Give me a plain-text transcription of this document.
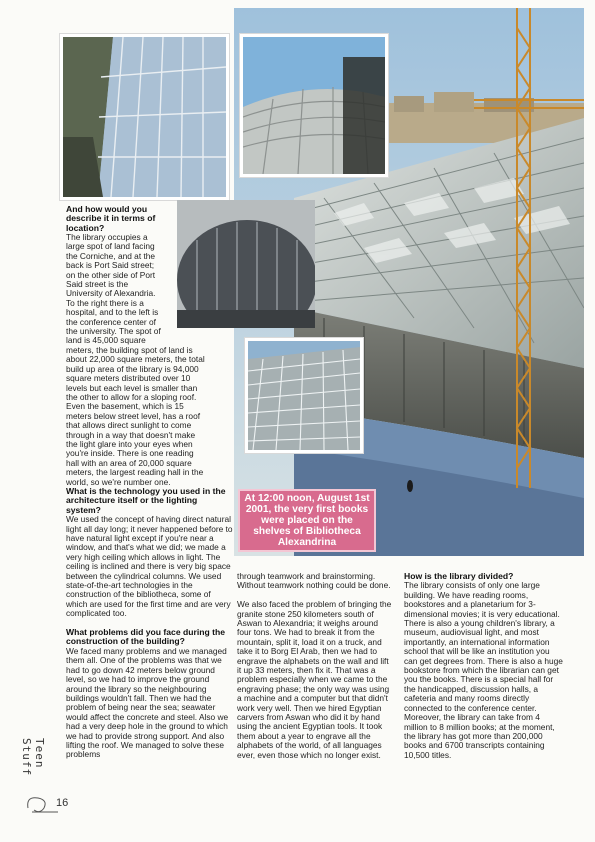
At 12:00 noon, August 1st 2001, the very first books were placed on the shelves of Bibliotheca Alexandrina
And how would you describe it in terms of location?
The library occupies a
large spot of land facing
the Corniche, and at the
back is Port Said street;
on the other side of Port
Said street is the
University of Alexandria.
To the right there is a
hospital, and to the left is
the conference center of
the university. The spot of
land is 45,000 square
meters, the building spot of land is
about 22,000 square meters, the total
build up area of the library is 94,000
square meters distributed over 10
levels but each level is smaller than
the other to allow for a sloping roof.
Even the basement, which is 15
meters below street level, has a roof
that allows direct sunlight to come
through in a way that doesn't make
the light glare into your eyes when
you're inside. There is one reading
hall with an area of 20,000 square
meters, the largest reading hall in the
world, so we're number one.
What is the technology you used in the architecture itself or the lighting system?

We used the concept of having direct natural light all day long; it never happened before to have natural light except if you're near a window, and that's what we did; we made a very high ceiling which allows in light. The ceiling is inclined and there is very big space between the cylindrical columns. We used state-of-the-art technologies in the construction of the bibliotheca, some of which are used for the first time and are very complicated too.

What problems did you face during the construction of the building?

We faced many problems and we managed them all. One of the problems was that we had to go down 42 meters below ground level, so we had to improve the ground around the library so the neighbouring buildings wouldn't fall. Then we had the problem of being near the sea; seawater would affect the concrete and steel. Also we had a very deep hole in the ground to which we had to provide strong support. And also lifting the roof. We managed to solve these problems

through teamwork and brainstorming. Without teamwork nothing could be done.

We also faced the problem of bringing the granite stone 250 kilometers south of Aswan to Alexandria; it weighs around four tons. We had to break it from the mountain, split it, load it on a truck, and take it to Borg El Arab, then we had to engrave the alphabets on the wall and lift it up 33 meters, then fix it. That was a problem especially when we came to the engraving phase; the only way was using a machine and a computer but that didn't work very well. Then we hired Egyptian carvers from Aswan who did it by hand using the ancient Egyptian tools. It took them about a year to engrave all the alphabets of the world, of all languages ever, even those which no longer exist.

How is the library divided?

The library consists of only one large building. We have reading rooms, bookstores and a planetarium for 3-dimensional movies; it is very educational. There is also a young children's library, a museum, audiovisual light, and most importantly, an international information school that will be like an institution you can get degrees from. There is also a huge bookstore from which the librarian can get you the books. There is a special hall for the handicapped, discussion halls, a cafeteria and many rooms directly connected to the conference center. Moreover, the library can take from 4 million to 8 million books; at the moment, the library has got more than 200,000 books and 6700 transcripts containing 10,500 titles.

Teen Stuff
16
